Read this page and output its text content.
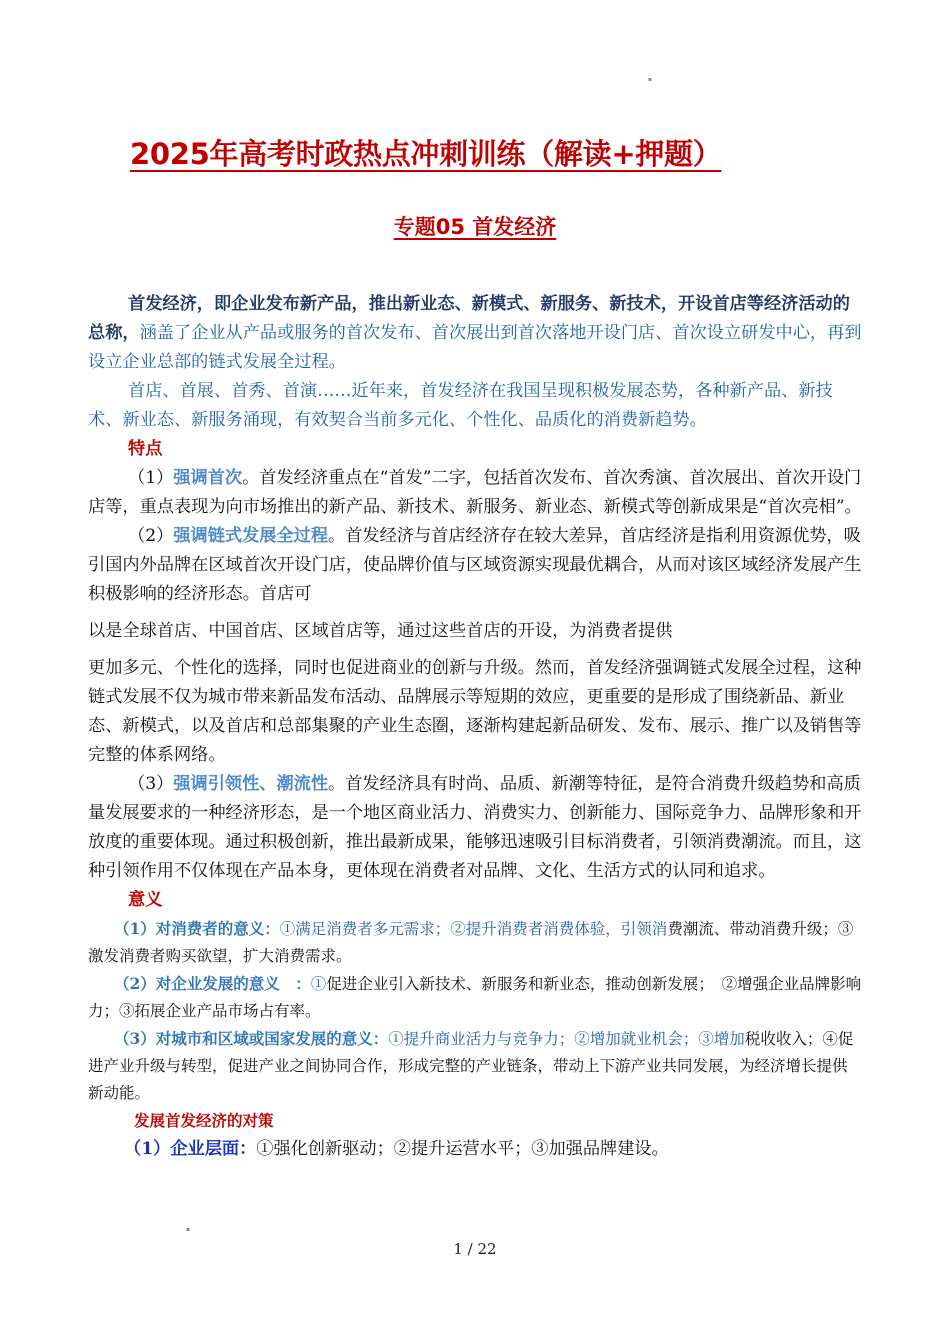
▪
2025年高考时政热点冲刺训练（解读+押题）
专题05 首发经济

首发经济，即企业发布新产品，推出新业态、新模式、新服务、新技术，开设首店等经济活动的总称，涵盖了企业从产品或服务的首次发布、首次展出到首次落地开设门店、首次设立研发中心，再到设立企业总部的链式发展全过程。

首店、首展、首秀、首演……近年来，首发经济在我国呈现积极发展态势，各种新产品、新技术、新业态、新服务涌现，有效契合当前多元化、个性化、品质化的消费新趋势。

特点

（1）强调首次。首发经济重点在“首发”二字，包括首次发布、首次秀演、首次展出、首次开设门店等，重点表现为向市场推出的新产品、新技术、新服务、新业态、新模式等创新成果是“首次亮相”。

（2）强调链式发展全过程。首发经济与首店经济存在较大差异，首店经济是指利用资源优势，吸引国内外品牌在区域首次开设门店，使品牌价值与区域资源实现最优耦合，从而对该区域经济发展产生积极影响的经济形态。首店可

以是全球首店、中国首店、区域首店等，通过这些首店的开设，为消费者提供

更加多元、个性化的选择，同时也促进商业的创新与升级。然而，首发经济强调链式发展全过程，这种链式发展不仅为城市带来新品发布活动、品牌展示等短期的效应，更重要的是形成了围绕新品、新业态、新模式，以及首店和总部集聚的产业生态圈，逐渐构建起新品研发、发布、展示、推广以及销售等完整的体系网络。

（3）强调引领性、潮流性。首发经济具有时尚、品质、新潮等特征，是符合消费升级趋势和高质量发展要求的一种经济形态，是一个地区商业活力、消费实力、创新能力、国际竞争力、品牌形象和开放度的重要体现。通过积极创新，推出最新成果，能够迅速吸引目标消费者，引领消费潮流。而且，这种引领作用不仅体现在产品本身，更体现在消费者对品牌、文化、生活方式的认同和追求。

意义

（1）对消费者的意义：①满足消费者多元需求；②提升消费者消费体验，引领消费潮流、带动消费升级；③激发消费者购买欲望，扩大消费需求。

（2）对企业发展的意义　：①促进企业引入新技术、新服务和新业态，推动创新发展；　②增强企业品牌影响力；③拓展企业产品市场占有率。

（3）对城市和区域或国家发展的意义：①提升商业活力与竞争力；②增加就业机会；③增加税收收入；④促进产业升级与转型，促进产业之间协同合作，形成完整的产业链条，带动上下游产业共同发展，为经济增长提供新动能。

发展首发经济的对策

（1）企业层面：①强化创新驱动；②提升运营水平；③加强品牌建设。

▪
1 / 22
